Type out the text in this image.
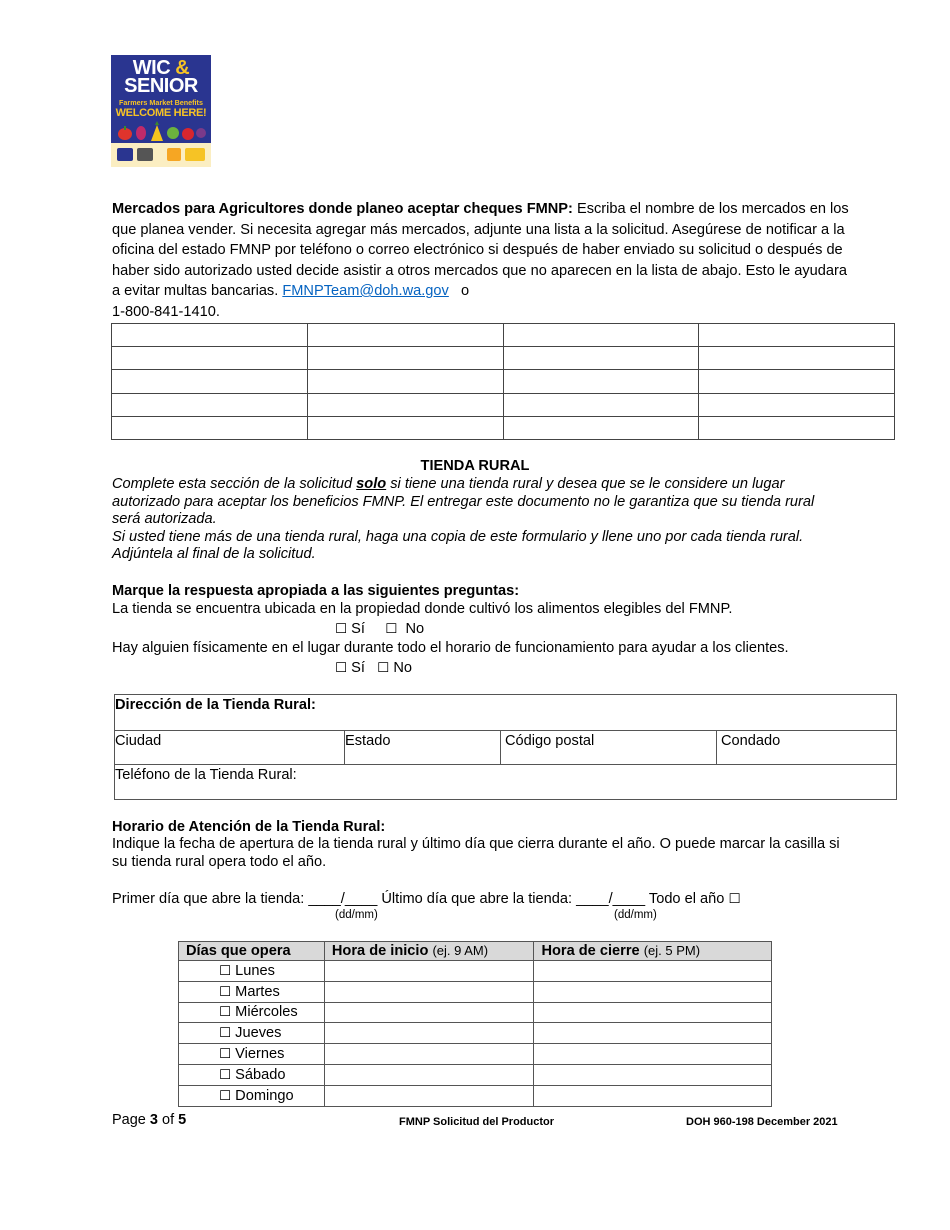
WIC &
SENIOR
Farmers Market Benefits
WELCOME HERE!
Mercados para Agricultores donde planeo aceptar cheques FMNP: Escriba el nombre de los mercados en los que planea vender. Si necesita agregar más mercados, adjunte una lista a la solicitud. Asegúrese de notificar a la oficina del estado FMNP por teléfono o correo electrónico si después de haber enviado su solicitud o después de haber sido autorizado usted decide asistir a otros mercados que no aparecen en la lista de abajo. Esto le ayudara a evitar multas bancarias. FMNPTeam@doh.wa.gov   o
1-800-841-1410.

TIENDA RURAL
Complete esta sección de la solicitud solo si tiene una tienda rural y desea que se le considere un lugar autorizado para aceptar los beneficios FMNP. El entregar este documento no le garantiza que su tienda rural será autorizada.
Si usted tiene más de una tienda rural, haga una copia de este formulario y llene uno por cada tienda rural. Adjúntela al final de la solicitud.
Marque la respuesta apropiada a las siguientes preguntas:
La tienda se encuentra ubicada en la propiedad donde cultivó los alimentos elegibles del FMNP.
☐ Sí ☐ No
Hay alguien físicamente en el lugar durante todo el horario de funcionamiento para ayudar a los clientes.
☐ Sí ☐ No
Dirección de la Tienda Rural:
Ciudad	Estado	Código postal	Condado
Teléfono de la Tienda Rural:
Horario de Atención de la Tienda Rural:
Indique la fecha de apertura de la tienda rural y último día que cierra durante el año. O puede marcar la casilla si su tienda rural opera todo el año.
Primer día que abre la tienda: ____/____ Último día que abre la tienda: ____/____ Todo el año ☐
(dd/mm)	(dd/mm)
Días que opera	Hora de inicio (ej. 9 AM)	Hora de cierre (ej. 5 PM)
☐ Lunes		
☐ Martes		
☐ Miércoles		
☐ Jueves		
☐ Viernes		
☐ Sábado		
☐ Domingo		
Page 3 of 5	FMNP Solicitud del Productor	DOH 960-198 December 2021
